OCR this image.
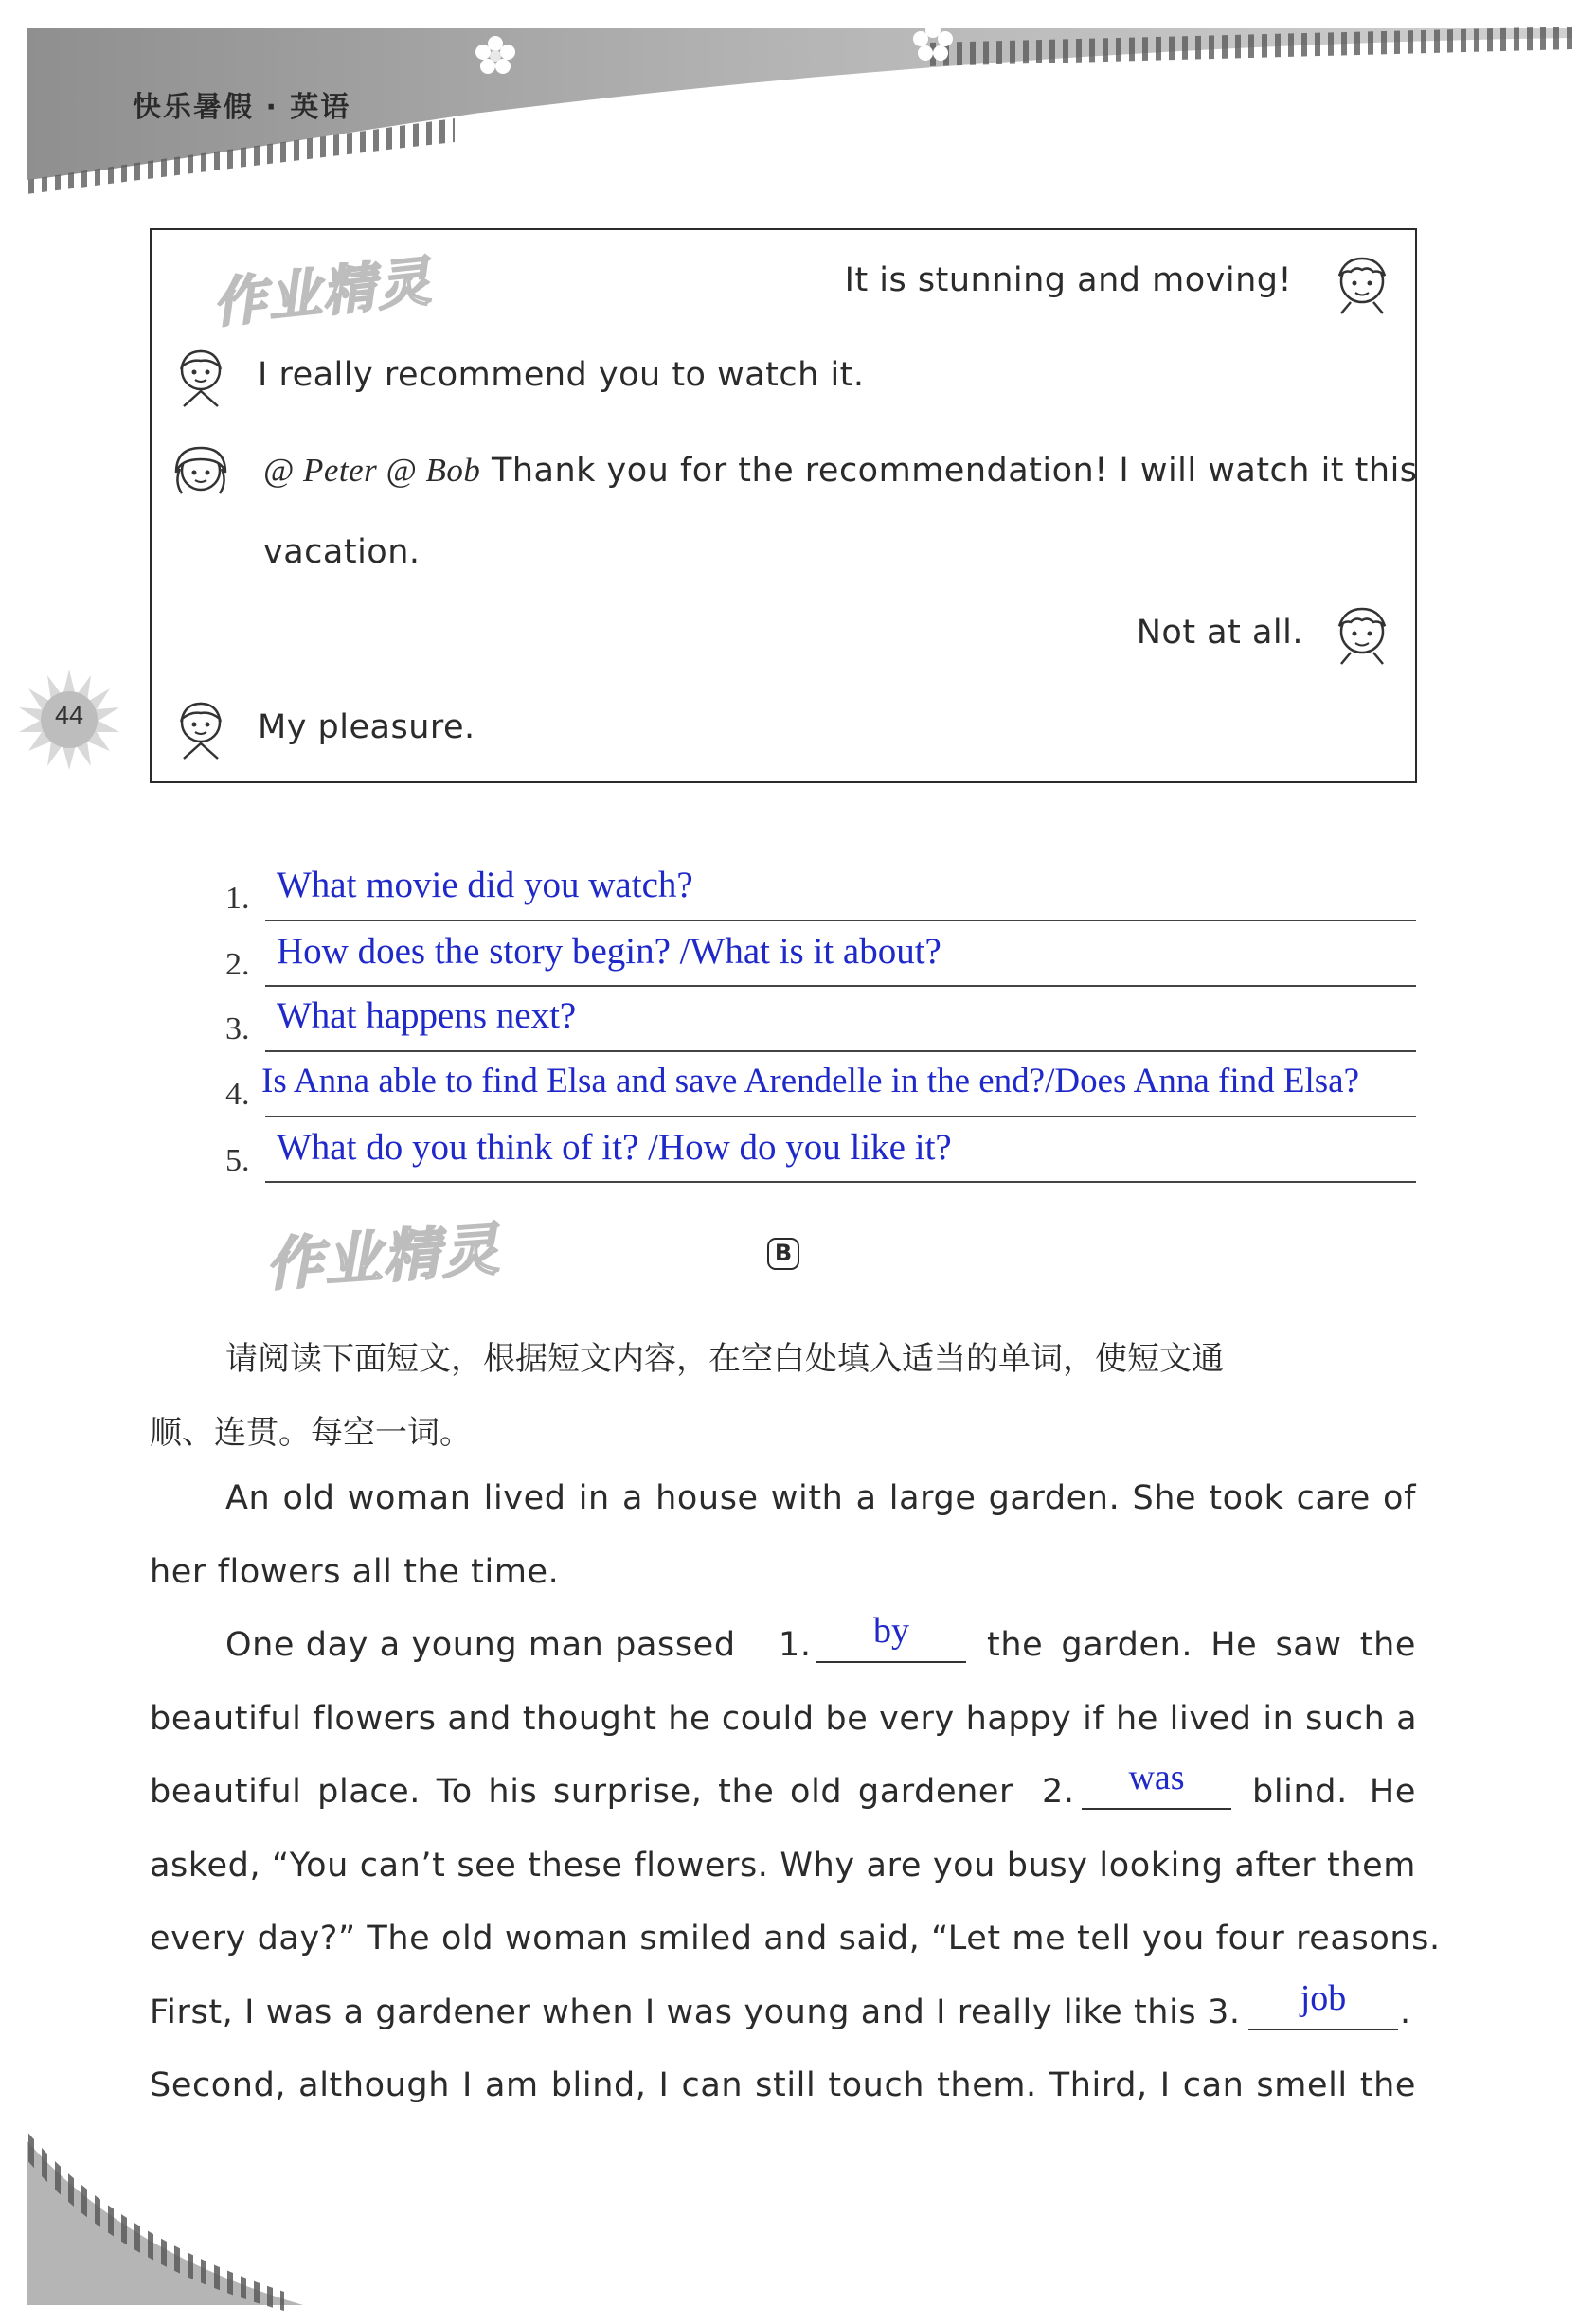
快乐暑假 · 英语
44
作业精灵	It is stunning and moving!
I really recommend you to watch it.
@ Peter @ Bob Thank you for the recommendation! I will watch it this
vacation.
Not at all.
My pleasure.
1. What movie did you watch?
2. How does the story begin? /What is it about?
3. What happens next?
4. Is Anna able to find Elsa and save Arendelle in the end?/Does Anna find Elsa?
5. What do you think of it? /How do you like it?
作业精灵	B
请阅读下面短文，根据短文内容，在空白处填入适当的单词，使短文通
顺、连贯。每空一词。
An old woman lived in a house with a large garden. She took care of
her flowers all the time.
One day a young man passed 1.	by	the garden. He saw the
beautiful flowers and thought he could be very happy if he lived in such a
beautiful place. To his surprise, the old gardener 2.	was	blind. He
asked, “You can’t see these flowers. Why are you busy looking after them
every day?” The old woman smiled and said, “Let me tell you four reasons.
First, I was a gardener when I was young and I really like this 3.	job	.
Second, although I am blind, I can still touch them. Third, I can smell the
